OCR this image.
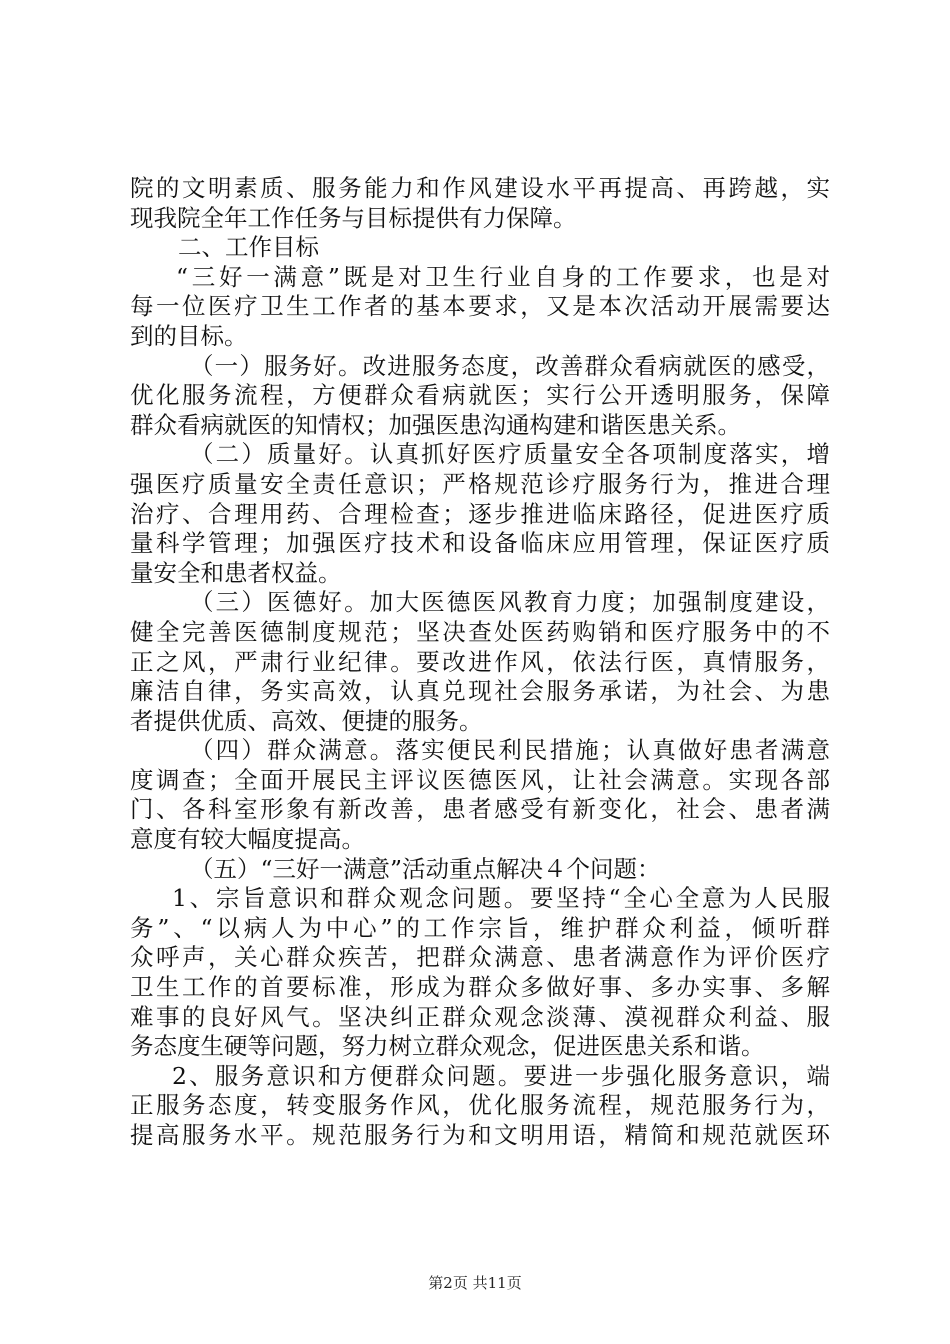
院的文明素质、服务能力和作风建设水平再提高、再跨越，实
现我院全年工作任务与目标提供有力保障。
二、工作目标
“三好一满意”既是对卫生行业自身的工作要求，也是对
每一位医疗卫生工作者的基本要求，又是本次活动开展需要达
到的目标。
（一）服务好。改进服务态度，改善群众看病就医的感受，
优化服务流程，方便群众看病就医；实行公开透明服务，保障
群众看病就医的知情权；加强医患沟通构建和谐医患关系。
（二）质量好。认真抓好医疗质量安全各项制度落实，增
强医疗质量安全责任意识；严格规范诊疗服务行为，推进合理
治疗、合理用药、合理检查；逐步推进临床路径，促进医疗质
量科学管理；加强医疗技术和设备临床应用管理，保证医疗质
量安全和患者权益。
（三）医德好。加大医德医风教育力度；加强制度建设，
健全完善医德制度规范；坚决查处医药购销和医疗服务中的不
正之风，严肃行业纪律。要改进作风，依法行医，真情服务，
廉洁自律，务实高效，认真兑现社会服务承诺，为社会、为患
者提供优质、高效、便捷的服务。
（四）群众满意。落实便民利民措施；认真做好患者满意
度调查；全面开展民主评议医德医风，让社会满意。实现各部
门、各科室形象有新改善，患者感受有新变化，社会、患者满
意度有较大幅度提高。
（五）“三好一满意”活动重点解决４个问题：
1、宗旨意识和群众观念问题。要坚持“全心全意为人民服
务”、“以病人为中心”的工作宗旨，维护群众利益，倾听群
众呼声，关心群众疾苦，把群众满意、患者满意作为评价医疗
卫生工作的首要标准，形成为群众多做好事、多办实事、多解
难事的良好风气。坚决纠正群众观念淡薄、漠视群众利益、服
务态度生硬等问题，努力树立群众观念，促进医患关系和谐。
2、服务意识和方便群众问题。要进一步强化服务意识，端
正服务态度，转变服务作风，优化服务流程，规范服务行为，
提高服务水平。规范服务行为和文明用语，精简和规范就医环
第2页 共11页
